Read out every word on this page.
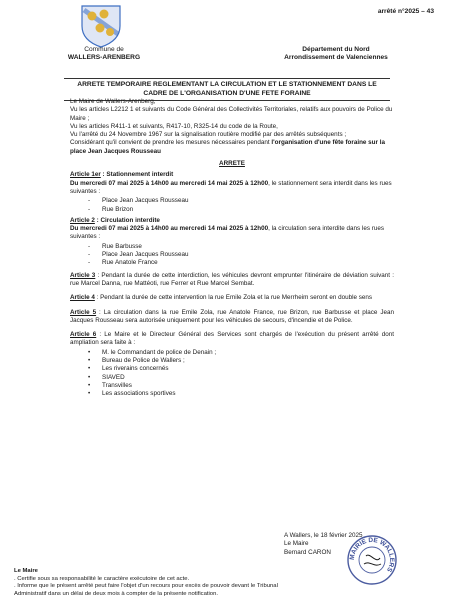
arrêté n°2025 – 43
Commune de
WALLERS-ARENBERG
Département du Nord
Arrondissement de Valenciennes
ARRETE TEMPORAIRE REGLEMENTANT LA CIRCULATION ET LE STATIONNEMENT DANS LE
CADRE DE L'ORGANISATION D'UNE FETE FORAINE

Le Maire de Wallers-Arenberg,

Vu les articles L2212 1 et suivants du Code Général des Collectivités Territoriales, relatifs aux pouvoirs de Police du Maire ;

Vu les articles R411-1 et suivants, R417-10, R325-14 du code de la Route,

Vu l'arrêté du 24 Novembre 1967 sur la signalisation routière modifié par des arrêtés subséquents ;

Considérant qu'il convient de prendre les mesures nécessaires pendant l'organisation d'une fête foraine sur la place Jean Jacques Rousseau

ARRETE
Article 1er : Stationnement interdit

Du mercredi 07 mai 2025 à 14h00 au mercredi 14 mai 2025 à 12h00, le stationnement sera interdit dans les rues suivantes :

- Place Jean Jacques Rousseau
- Rue Brizon
Article 2 : Circulation interdite

Du mercredi 07 mai 2025 à 14h00 au mercredi 14 mai 2025 à 12h00, la circulation sera interdite dans les rues suivantes :

- Rue Barbusse
- Place Jean Jacques Rousseau
- Rue Anatole France

Article 3 : Pendant la durée de cette interdiction, les véhicules devront emprunter l'itinéraire de déviation suivant : rue Marcel Danna, rue Mattéoti, rue Ferrer et Rue Marcel Sembat.

Article 4 : Pendant la durée de cette intervention la rue Emile Zola et la rue Merrheim seront en double sens

Article 5 : La circulation dans la rue Emile Zola, rue Anatole France, rue Brizon, rue Barbusse et place Jean Jacques Rousseau sera autorisée uniquement pour les véhicules de secours, d'incendie et de Police.

Article 6 : Le Maire et le Directeur Général des Services sont chargés de l'exécution du présent arrêté dont ampliation sera faite à :

• M. le Commandant de police de Denain ;
• Bureau de Police de Wallers ;
• Les riverains concernés
• SIAVED
• Transvilles
• Les associations sportives
A Wallers, le 18 février 2025
Le Maire
Bernard CARON
MAIRIE DE WALLERS
Le Maire
. Certifie sous sa responsabilité le caractère exécutoire de cet acte.
. Informe que le présent arrêté peut faire l'objet d'un recours pour excès de pouvoir devant le Tribunal
Administratif dans un délai de deux mois à compter de la présente notification.
